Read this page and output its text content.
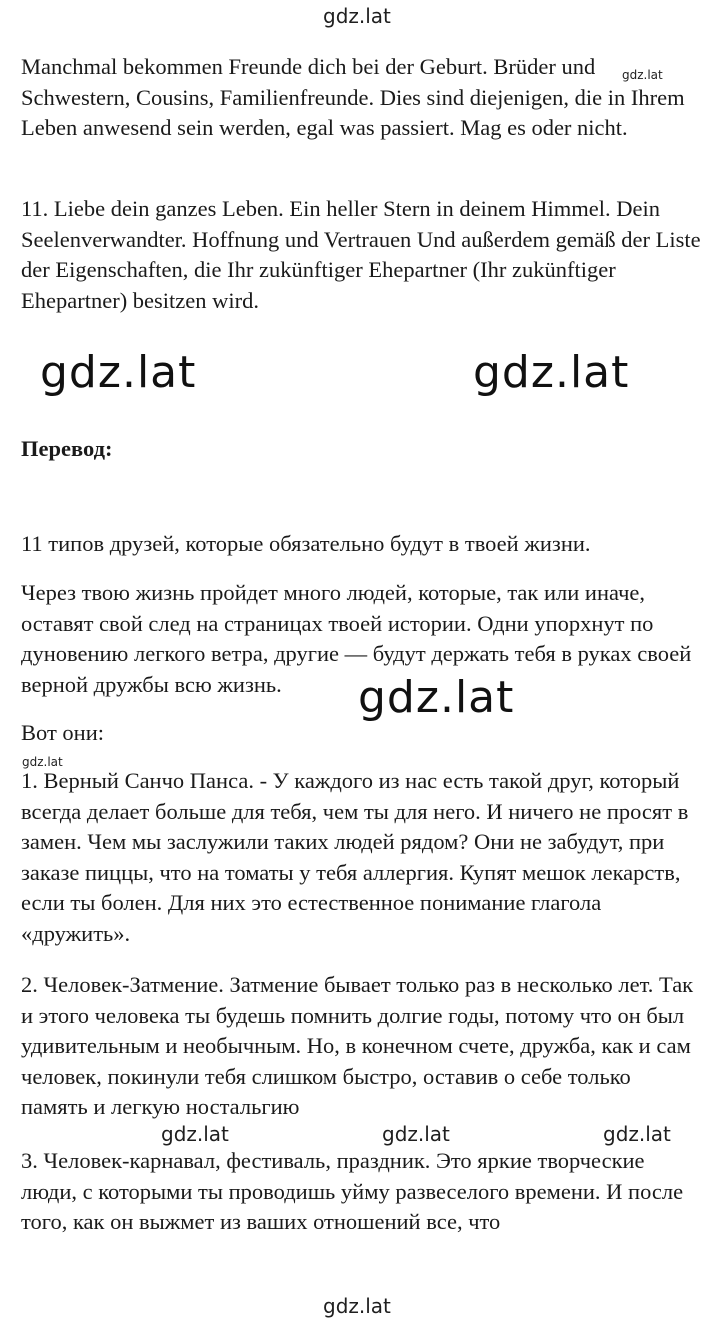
gdz.lat

Manchmal bekommen Freunde dich bei der Geburt. Brüder und Schwestern, Cousins, Familienfreunde. Dies sind diejenigen, die in Ihrem Leben anwesend sein werden, egal was passiert. Mag es oder nicht.

gdz.lat

11. Liebe dein ganzes Leben. Ein heller Stern in deinem Himmel. Dein Seelenverwandter. Hoffnung und Vertrauen Und außerdem gemäß der Liste der Eigenschaften, die Ihr zukünftiger Ehepartner (Ihr zukünftiger Ehepartner) besitzen wird.

gdz.lat	gdz.lat

Перевод:

11 типов друзей, которые обязательно будут в твоей жизни.

Через твою жизнь пройдет много людей, которые, так или иначе, оставят свой след на страницах твоей истории. Одни упорхнут по дуновению легкого ветра, другие — будут держать тебя в руках своей верной дружбы всю жизнь.	gdz.lat

Вот они:

gdz.lat

1. Верный Санчо Панса. - У каждого из нас есть такой друг, который всегда делает больше для тебя, чем ты для него. И ничего не просят в замен. Чем мы заслужили таких людей рядом? Они не забудут, при заказе пиццы, что на томаты у тебя аллергия. Купят мешок лекарств, если ты болен. Для них это естественное понимание глагола «дружить».

2. Человек-Затмение. Затмение бывает только раз в несколько лет. Так и этого человека ты будешь помнить долгие годы, потому что он был удивительным и необычным. Но, в конечном счете, дружба, как и сам человек, покинули тебя слишком быстро, оставив о себе только память и легкую ностальгию

gdz.lat	gdz.lat	gdz.lat

3. Человек-карнавал, фестиваль, праздник. Это яркие творческие люди, с которыми ты проводишь уйму развеселого времени. И после того, как он выжмет из ваших отношений все, что

gdz.lat
